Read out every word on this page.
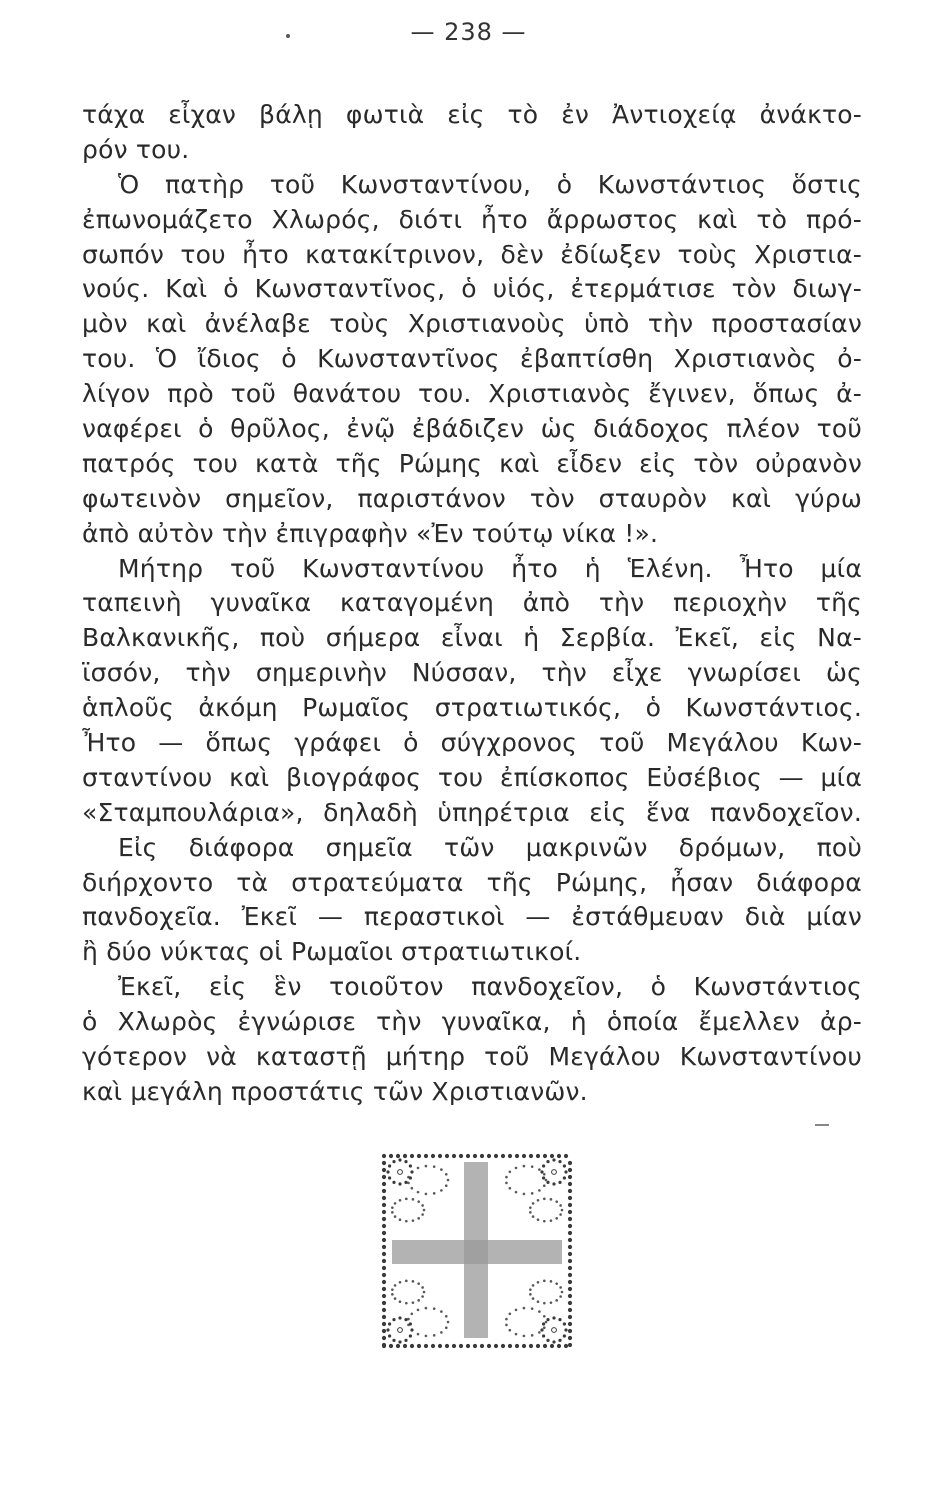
— 238 —
τάχα εἶχαν βάλῃ φωτιὰ εἰς τὸ ἐν Ἀντιοχείᾳ ἀνάκτο-
ρόν του.
Ὁ πατὴρ τοῦ Κωνσταντίνου, ὁ Κωνστάντιος ὅστις
ἐπωνομάζετο Χλωρός, διότι ἦτο ἄρρωστος καὶ τὸ πρό-
σωπόν του ἦτο κατακίτρινον, δὲν ἐδίωξεν τοὺς Χριστια-
νούς. Καὶ ὁ Κωνσταντῖνος, ὁ υἱός, ἐτερμάτισε τὸν διωγ-
μὸν καὶ ἀνέλαβε τοὺς Χριστιανοὺς ὑπὸ τὴν προστασίαν
του. Ὁ ἴδιος ὁ Κωνσταντῖνος ἐβαπτίσθη Χριστιανὸς ὀ-
λίγον πρὸ τοῦ θανάτου του. Χριστιανὸς ἔγινεν, ὅπως ἀ-
ναφέρει ὁ θρῦλος, ἐνῷ ἐβάδιζεν ὡς διάδοχος πλέον τοῦ
πατρός του κατὰ τῆς Ρώμης καὶ εἶδεν εἰς τὸν οὐρανὸν
φωτεινὸν σημεῖον, παριστάνον τὸν σταυρὸν καὶ γύρω
ἀπὸ αὐτὸν τὴν ἐπιγραφὴν «Ἐν τούτῳ νίκα !».
Μήτηρ τοῦ Κωνσταντίνου ἦτο ἡ Ἑλένη. Ἦτο μία
ταπεινὴ γυναῖκα καταγομένη ἀπὸ τὴν περιοχὴν τῆς
Βαλκανικῆς, ποὺ σήμερα εἶναι ἡ Σερβία. Ἐκεῖ, εἰς Να-
ϊσσόν, τὴν σημερινὴν Νύσσαν, τὴν εἶχε γνωρίσει ὡς
ἁπλοῦς ἀκόμη Ρωμαῖος στρατιωτικός, ὁ Κωνστάντιος.
Ἦτο — ὅπως γράφει ὁ σύγχρονος τοῦ Μεγάλου Κων-
σταντίνου καὶ βιογράφος του ἐπίσκοπος Εὐσέβιος — μία
«Σταμπουλάρια», δηλαδὴ ὑπηρέτρια εἰς ἕνα πανδοχεῖον.
Εἰς διάφορα σημεῖα τῶν μακρινῶν δρόμων, ποὺ
διήρχοντο τὰ στρατεύματα τῆς Ρώμης, ἦσαν διάφορα
πανδοχεῖα. Ἐκεῖ — περαστικοὶ — ἐστάθμευαν διὰ μίαν
ἢ δύο νύκτας οἱ Ρωμαῖοι στρατιωτικοί.
Ἐκεῖ, εἰς ἓν τοιοῦτον πανδοχεῖον, ὁ Κωνστάντιος
ὁ Χλωρὸς ἐγνώρισε τὴν γυναῖκα, ἡ ὁποία ἔμελλεν ἀρ-
γότερον νὰ καταστῇ μήτηρ τοῦ Μεγάλου Κωνσταντίνου
καὶ μεγάλη προστάτις τῶν Χριστιανῶν.
